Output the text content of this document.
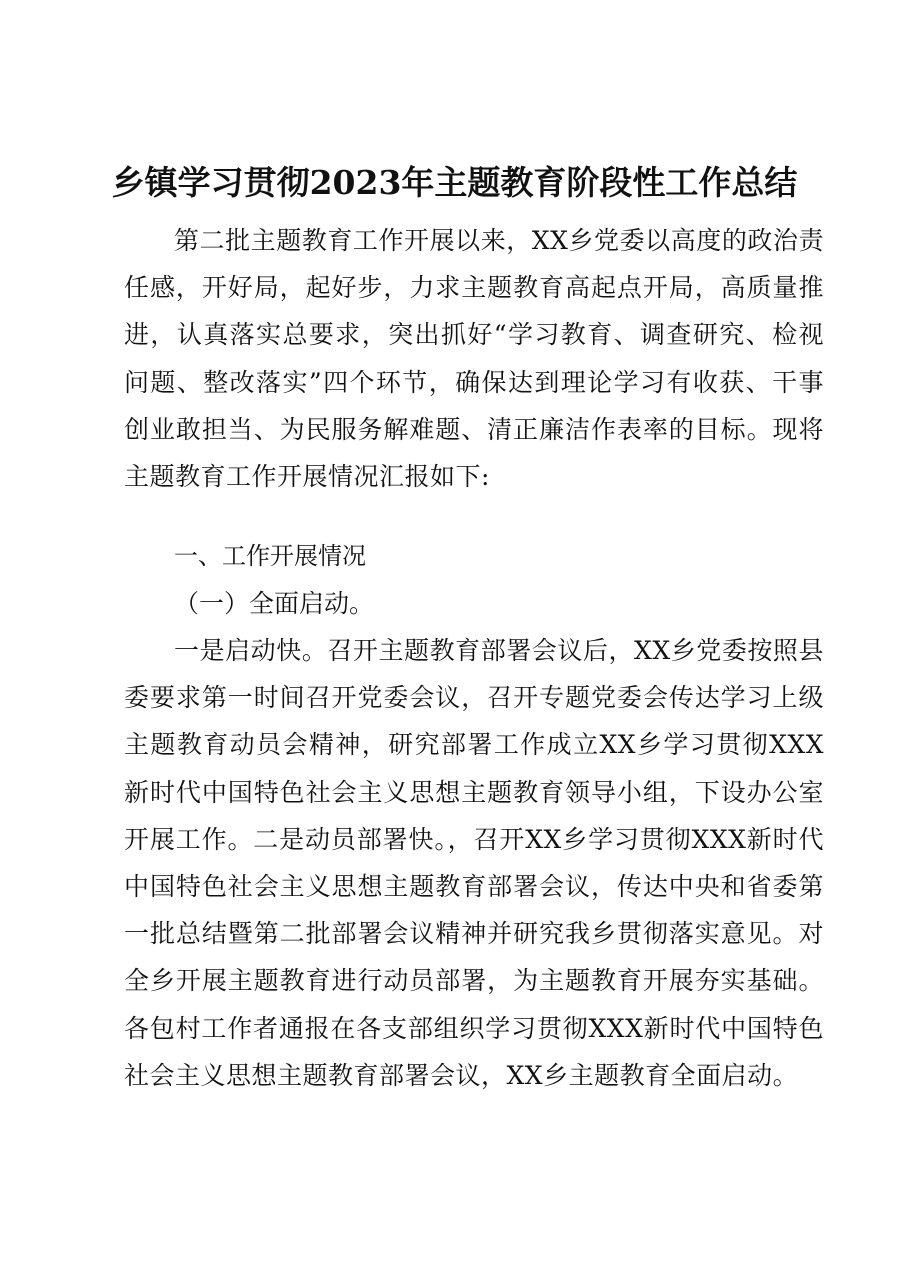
乡镇学习贯彻2023年主题教育阶段性工作总结

第二批主题教育工作开展以来，XX乡党委以高度的政治责任感，开好局，起好步，力求主题教育高起点开局，高质量推进，认真落实总要求，突出抓好“学习教育、调查研究、检视问题、整改落实”四个环节，确保达到理论学习有收获、干事创业敢担当、为民服务解难题、清正廉洁作表率的目标。现将主题教育工作开展情况汇报如下:

一、工作开展情况

（一）全面启动。

一是启动快。召开主题教育部署会议后，XX乡党委按照县委要求第一时间召开党委会议，召开专题党委会传达学习上级主题教育动员会精神，研究部署工作成立XX乡学习贯彻XXX新时代中国特色社会主义思想主题教育领导小组，下设办公室开展工作。二是动员部署快。，召开XX乡学习贯彻XXX新时代中国特色社会主义思想主题教育部署会议，传达中央和省委第一批总结暨第二批部署会议精神并研究我乡贯彻落实意见。对全乡开展主题教育进行动员部署，为主题教育开展夯实基础。各包村工作者通报在各支部组织学习贯彻XXX新时代中国特色社会主义思想主题教育部署会议，XX乡主题教育全面启动。
